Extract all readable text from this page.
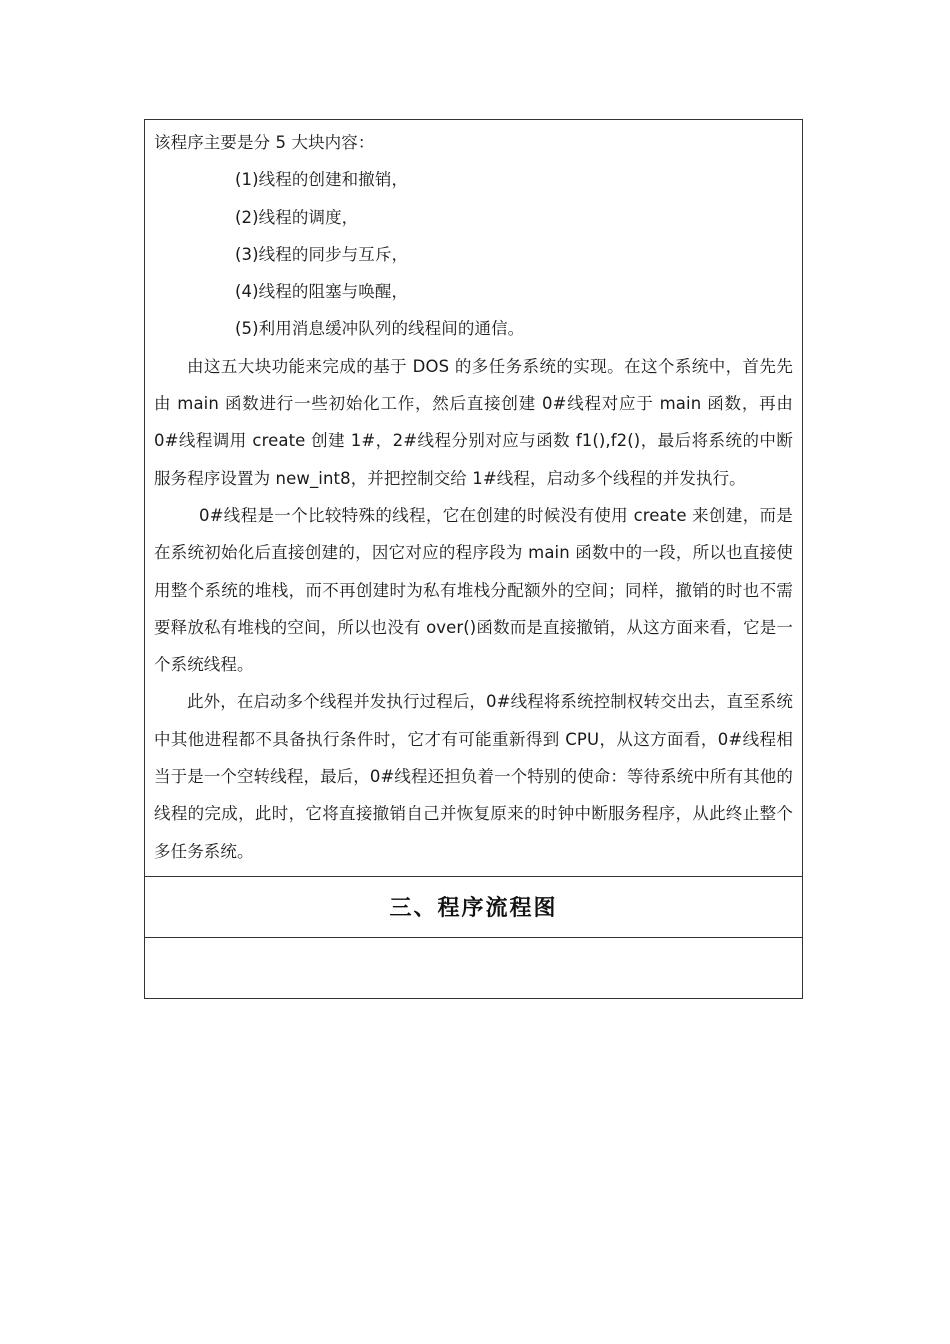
该程序主要是分 5 大块内容：

(1)线程的创建和撤销，

(2)线程的调度，

(3)线程的同步与互斥，

(4)线程的阻塞与唤醒，

(5)利用消息缓冲队列的线程间的通信。

由这五大块功能来完成的基于 DOS 的多任务系统的实现。在这个系统中，首先先由 main 函数进行一些初始化工作，然后直接创建 0#线程对应于 main 函数，再由 0#线程调用 create 创建 1#，2#线程分别对应与函数 f1(),f2()，最后将系统的中断服务程序设置为 new_int8，并把控制交给 1#线程，启动多个线程的并发执行。

0#线程是一个比较特殊的线程，它在创建的时候没有使用 create 来创建，而是在系统初始化后直接创建的，因它对应的程序段为 main 函数中的一段，所以也直接使用整个系统的堆栈，而不再创建时为私有堆栈分配额外的空间；同样，撤销的时也不需要释放私有堆栈的空间，所以也没有 over()函数而是直接撤销，从这方面来看，它是一个系统线程。

此外，在启动多个线程并发执行过程后，0#线程将系统控制权转交出去，直至系统中其他进程都不具备执行条件时，它才有可能重新得到 CPU，从这方面看，0#线程相当于是一个空转线程，最后，0#线程还担负着一个特别的使命：等待系统中所有其他的线程的完成，此时，它将直接撤销自己并恢复原来的时钟中断服务程序，从此终止整个多任务系统。

三、程序流程图
